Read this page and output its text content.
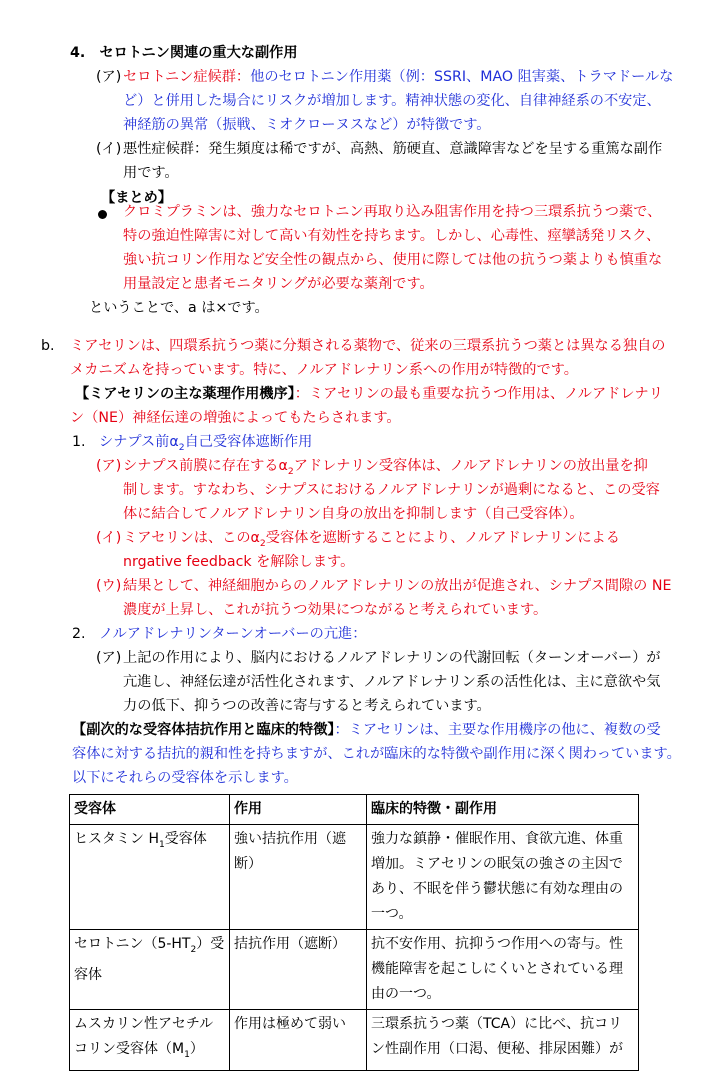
4.　セロトニン関連の重大な副作用
(ア) セロトニン症候群：他のセロトニン作用薬（例：SSRI、MAO 阻害薬、トラマドールな
ど）と併用した場合にリスクが増加します。精神状態の変化、自律神経系の不安定、
神経筋の異常（振戦、ミオクローヌスなど）が特徴です。
(イ) 悪性症候群：発生頻度は稀ですが、高熱、筋硬直、意識障害などを呈する重篤な副作
用です。
【まとめ】
クロミプラミンは、強力なセロトニン再取り込み阻害作用を持つ三環系抗うつ薬で、
特の強迫性障害に対して高い有効性を持ちます。しかし、心毒性、痙攣誘発リスク、
強い抗コリン作用など安全性の観点から、使用に際しては他の抗うつ薬よりも慎重な
用量設定と患者モニタリングが必要な薬剤です。
ということで、a は×です。
b. ミアセリンは、四環系抗うつ薬に分類される薬物で、従来の三環系抗うつ薬とは異なる独自の
メカニズムを持っています。特に、ノルアドレナリン系への作用が特徴的です。
【ミアセリンの主な薬理作用機序】：ミアセリンの最も重要な抗うつ作用は、ノルアドレナリ
ン（NE）神経伝達の増強によってもたらされます。
1. シナプス前$\alpha_2$自己受容体遮断作用
(ア) シナプス前膜に存在する$\alpha_2$アドレナリン受容体は、ノルアドレナリンの放出量を抑
制します。すなわち、シナプスにおけるノルアドレナリンが過剰になると、この受容
体に結合してノルアドレナリン自身の放出を抑制します（自己受容体）。
(イ) ミアセリンは、この$\alpha_2$受容体を遮断することにより、ノルアドレナリンによる
nrgative feedback を解除します。
(ウ) 結果として、神経細胞からのノルアドレナリンの放出が促進され、シナプス間隙の NE
濃度が上昇し、これが抗うつ効果につながると考えられています。
2. ノルアドレナリンターンオーバーの亢進：
(ア) 上記の作用により、脳内におけるノルアドレナリンの代謝回転（ターンオーバー）が
亢進し、神経伝達が活性化されます、ノルアドレナリン系の活性化は、主に意欲や気
力の低下、抑うつの改善に寄与すると考えられています。
【副次的な受容体拮抗作用と臨床的特徴】：ミアセリンは、主要な作用機序の他に、複数の受
受容体	作用	臨床的特徴・副作用
ヒスタミン $H_1$受容体	強い拮抗作用（遮断）	強力な鎮静・催眠作用、食欲亢進、体重増加。ミアセリンの眠気の強さの主因であり、不眠を伴う鬱状態に有効な理由の一つ。
セロトニン$(5-HT_2)$受容体	拮抗作用（遮断）	抗不安作用、抗抑うつ作用への寄与。性機能障害を起こしにくいとされている理由の一つ。
ムスカリン性アセチルコリン受容体$(M_1)$	作用は極めて弱い	三環系抗うつ薬（TCA）に比べ、抗コリン性副作用（口渇、便秘、排尿困難）が
容体に対する拮抗的親和性を持ちますが、これが臨床的な特徴や副作用に深く関わっています。
以下にそれらの受容体を示します。
